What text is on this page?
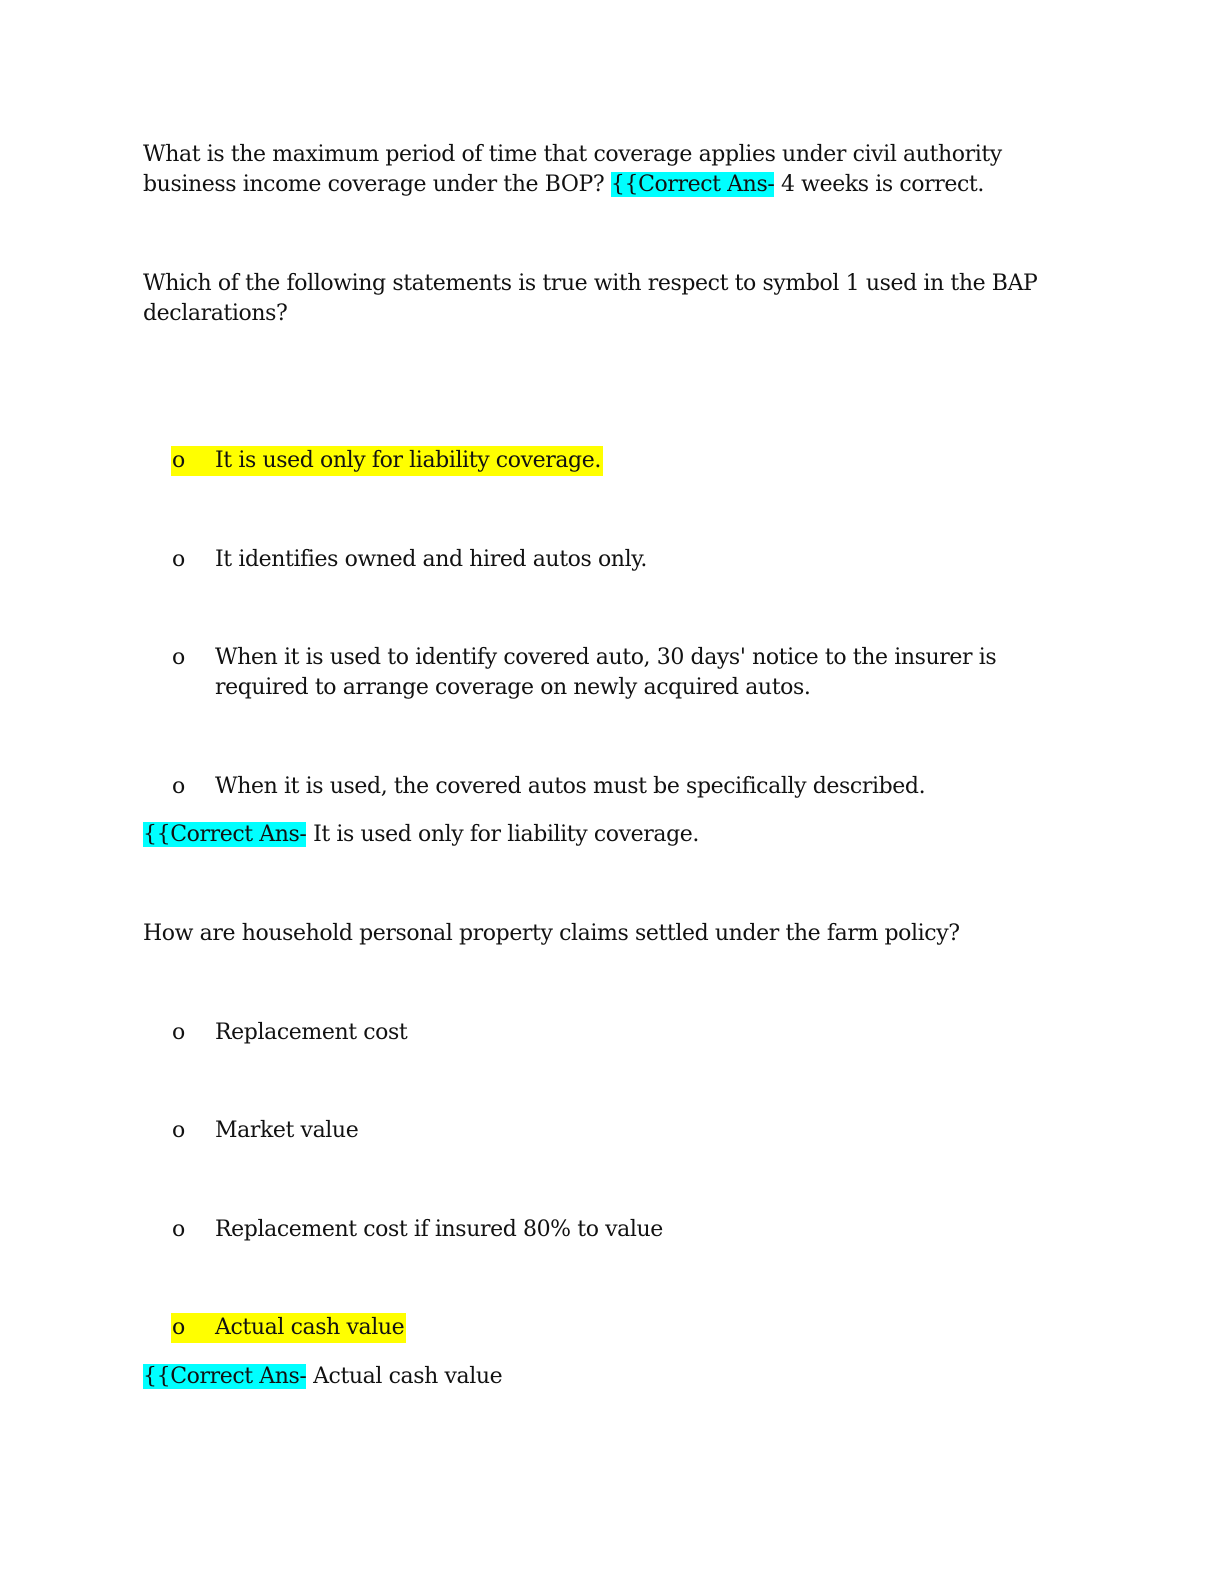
What is the maximum period of time that coverage applies under civil authority business income coverage under the BOP? {{Correct Ans- 4 weeks is correct.
Which of the following statements is true with respect to symbol 1 used in the BAP declarations?
o It is used only for liability coverage.
o It identifies owned and hired autos only.
o When it is used to identify covered auto, 30 days' notice to the insurer is required to arrange coverage on newly acquired autos.
o When it is used, the covered autos must be specifically described.
{{Correct Ans- It is used only for liability coverage.
How are household personal property claims settled under the farm policy?
o Replacement cost
o Market value
o Replacement cost if insured 80% to value
o Actual cash value
{{Correct Ans- Actual cash value
